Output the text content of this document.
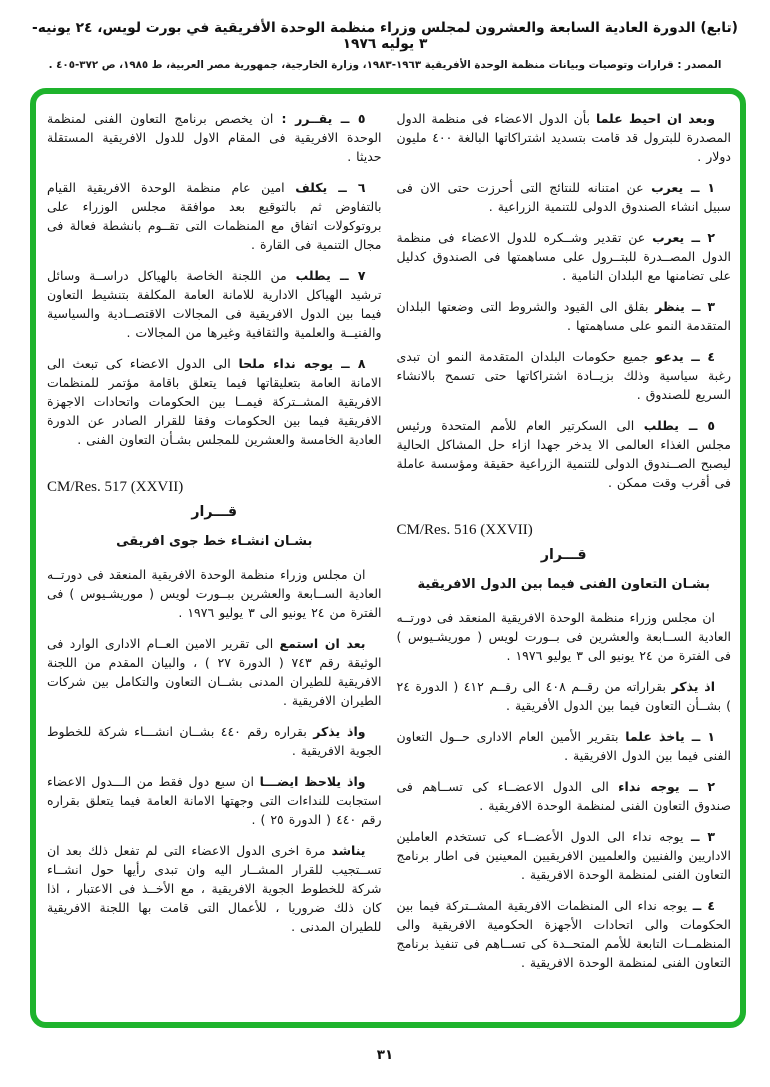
(تابع) الدورة العادية السابعة والعشرون لمجلس وزراء منظمة الوحدة الأفريقية في بورت لويس، ٢٤ يونيه- ٣ يوليه ١٩٧٦
المصدر : قرارات وتوصيات وبيانات منظمة الوحدة الأفريقية ١٩٦٣-١٩٨٣، وزارة الخارجية، جمهورية مصر العربية، ط ١٩٨٥، ص ٣٧٢-٤٠٥ .

وبعد ان احيط علما بأن الدول الاعضاء فى منظمة الدول المصدرة للبترول قد قامت بتسديد اشتراكاتها البالغة ٤٠٠ مليون دولار .

١ ــ يعرب عن امتنانه للنتائج التى أحرزت حتى الان فى سبيل انشاء الصندوق الدولى للتنمية الزراعية .

٢ ــ يعرب عن تقدير وشــكره للدول الاعضاء فى منظمة الدول المصــدرة للبتــرول على مساهمتها فى الصندوق كدليل على تضامنها مع البلدان النامية .

٣ ــ ينظر بقلق الى القيود والشروط التى وضعتها البلدان المتقدمة النمو على مساهمتها .

٤ ــ يدعو جميع حكومات البلدان المتقدمة النمو ان تبدى رغبة سياسية وذلك بزيــادة اشتراكاتها حتى تسمح بالانشاء السريع للصندوق .

٥ ــ يطلب الى السكرتير العام للأمم المتحدة ورئيس مجلس الغذاء العالمى الا يدخر جهدا ازاء حل المشاكل الحالية ليصبح الصــندوق الدولى للتنمية الزراعية حقيقة ومؤسسة عاملة فى أقرب وقت ممكن .

CM/Res. 516 (XXVII)
قـــرار
بشـان التعاون الفنى فيما بين الدول الافريقية

ان مجلس وزراء منظمة الوحدة الافريقية المنعقد فى دورتــه العادية الســابعة والعشرين فى بــورت لويس ( موريشـيوس ) فى الفترة من ٢٤ يونيو الى ٣ يوليو ١٩٧٦ .

اذ يذكر بقراراته من رقــم ٤٠٨ الى رقــم ٤١٢ ( الدورة ٢٤ ) بشــأن التعاون فيما بين الدول الأفريقية .

١ ــ ياخذ علما بتقرير الأمين العام الادارى حــول التعاون الفنى فيما بين الدول الافريقية .

٢ ــ يوجه نداء الى الدول الاعضــاء كى تســاهم فى صندوق التعاون الفنى لمنظمة الوحدة الافريقية .

٣ ــ يوجه نداء الى الدول الأعضــاء كى تستخدم العاملين الاداريين والفنيين والعلميين الافريقيين المعينين فى اطار برنامج التعاون الفنى لمنظمة الوحدة الافريقية .

٤ ــ يوجه نداء الى المنظمات الافريقية المشــتركة فيما بين الحكومات والى اتحادات الأجهزة الحكومية الافريقية والى المنظمــات التابعة للأمم المتحــدة كى تســاهم فى تنفيذ برنامج التعاون الفنى لمنظمة الوحدة الافريقية .

٥ ــ يقــرر : ان يخصص برنامج التعاون الفنى لمنظمة الوحدة الافريقية فى المقام الاول للدول الافريقية المستقلة حديثا .

٦ ــ يكلف امين عام منظمة الوحدة الافريقية القيام بالتفاوض ثم بالتوقيع بعد موافقة مجلس الوزراء على بروتوكولات اتفاق مع المنظمات التى تقــوم بانشطة فعالة فى مجال التنمية فى القارة .

٧ ــ يطلب من اللجنة الخاصة بالهياكل دراســة وسائل ترشيد الهياكل الادارية للامانة العامة المكلفة بتنشيط التعاون فيما بين الدول الافريقية فى المجالات الاقتصــادية والسياسية والفنيــة والعلمية والثقافية وغيرها من المجالات .

٨ ــ يوجه نداء ملحا الى الدول الاعضاء كى تبعث الى الامانة العامة بتعليقاتها فيما يتعلق باقامة مؤتمر للمنظمات الافريقية المشــتركة فيمــا بين الحكومات واتحادات الاجهزة الافريقية فيما بين الحكومات وفقا للقرار الصادر عن الدورة العادية الخامسة والعشرين للمجلس بشـأن التعاون الفنى .

CM/Res. 517 (XXVII)
قـــرار
بشـان انشـاء خط جوى افريقى

ان مجلس وزراء منظمة الوحدة الافريقية المنعقد فى دورتــه العادية الســابعة والعشرين ببــورت لويس ( موريشـيوس ) فى الفترة من ٢٤ يونيو الى ٣ يوليو ١٩٧٦ .

بعد ان استمع الى تقرير الامين العــام الادارى الوارد فى الوثيقة رقم ٧٤٣ ( الدورة ٢٧ ) ، والبيان المقدم من اللجنة الافريقية للطيران المدنى بشــان التعاون والتكامل بين شركات الطيران الافريقية .

واذ يذكر بقراره رقم ٤٤٠ بشــان انشـــاء شركة للخطوط الجوية الافريقية .

واذ يلاحظ ايضـــا ان سبع دول فقط من الـــدول الاعضاء استجابت للنداءات التى وجهتها الامانة العامة فيما يتعلق بقراره رقم ٤٤٠ ( الدورة ٢٥ ) .

يناشد مرة اخرى الدول الاعضاء التى لم تفعل ذلك بعد ان تســتجيب للقرار المشــار اليه وان تبدى رأيها حول انشــاء شركة للخطوط الجوية الافريقية ، مع الأخــذ فى الاعتبار ، اذا كان ذلك ضروريا ، للأعمال التى قامت بها اللجنة الافريقية للطيران المدنى .

٣١
